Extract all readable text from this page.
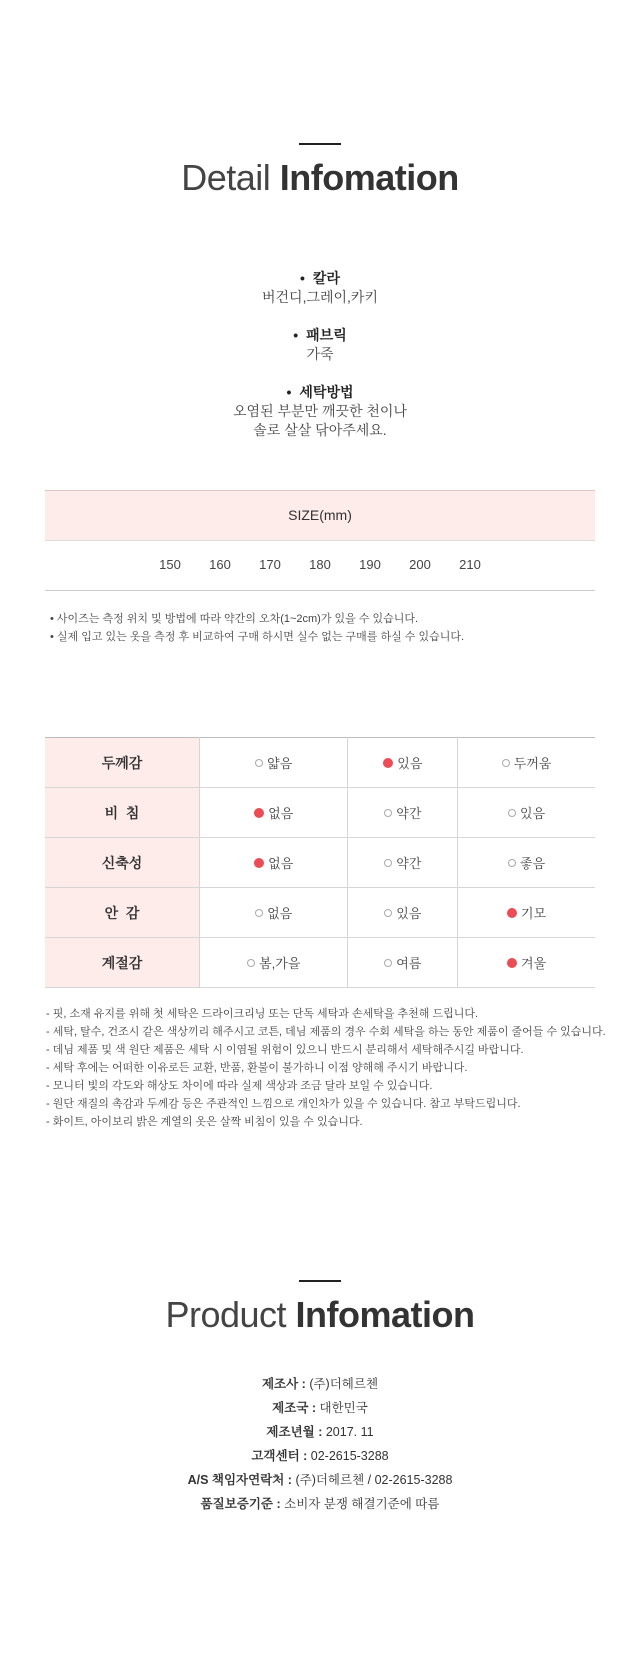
Detail Infomation
• 칼라
버건디,그레이,카키
• 패브릭
가죽
• 세탁방법
오염된 부분만 깨끗한 천이나
솔로 살살 닦아주세요.
SIZE(mm)
150	160	170	180	190	200	210
• 사이즈는 측정 위치 및 방법에 따라 약간의 오차(1~2cm)가 있을 수 있습니다.
• 실제 입고 있는 옷을 측정 후 비교하여 구매 하시면 실수 없는 구매를 하실 수 있습니다.
두께감	얇음	있음	두꺼움
비  침	없음	약간	있음
신축성	없음	약간	좋음
안  감	없음	있음	기모
계절감	봄,가을	여름	겨울
- 핏, 소재 유지를 위해 첫 세탁은 드라이크리닝 또는 단독 세탁과 손세탁을 추천해 드립니다.
- 세탁, 탈수, 건조시 같은 색상끼리 해주시고 코튼, 데님 제품의 경우 수회 세탁을 하는 동안 제품이 줄어들 수 있습니다.
- 데님 제품 및 색 원단 제품은 세탁 시 이염될 위험이 있으니 반드시 분리해서 세탁해주시길 바랍니다.
- 세탁 후에는 어떠한 이유로든 교환, 반품, 환불이 불가하니 이점 양해해 주시기 바랍니다.
- 모니터 빛의 각도와 해상도 차이에 따라 실제 색상과 조금 달라 보일 수 있습니다.
- 원단 재질의 촉감과 두께감 등은 주관적인 느낌으로 개인차가 있을 수 있습니다. 참고 부탁드립니다.
- 화이트, 아이보리 밝은 계열의 옷은 살짝 비침이 있을 수 있습니다.
Product Infomation
제조사 : (주)더헤르첸
제조국 : 대한민국
제조년월 : 2017. 11
고객센터 : 02-2615-3288
A/S 책임자연락처 : (주)더헤르첸 / 02-2615-3288
품질보증기준 : 소비자 분쟁 해결기준에 따름
